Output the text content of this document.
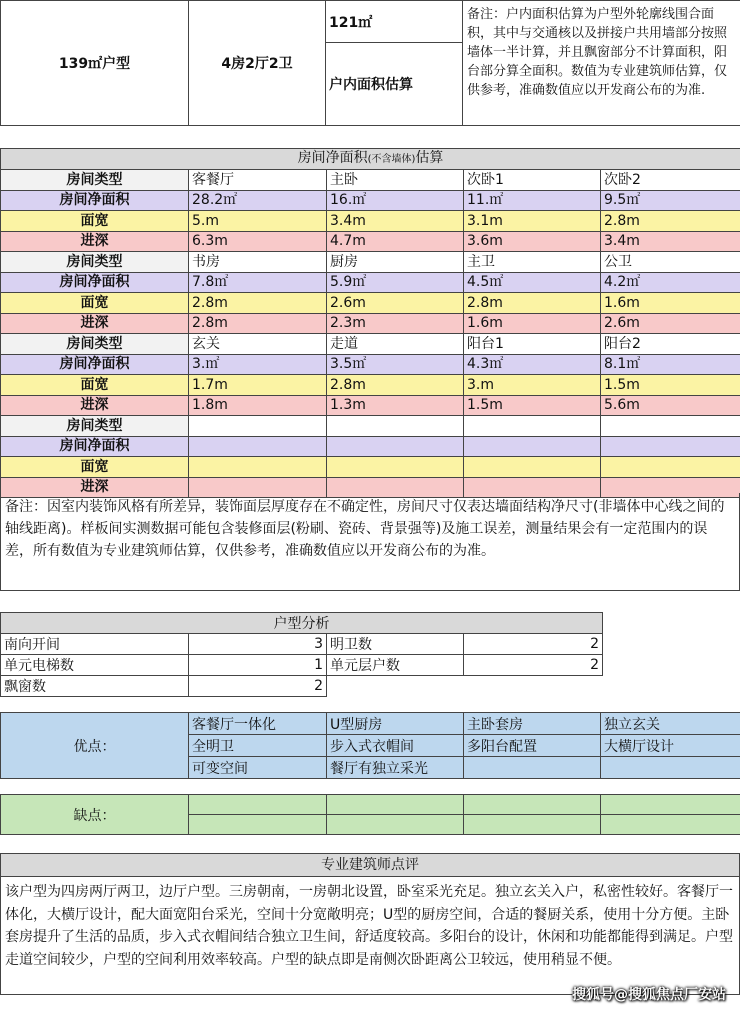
139㎡户型	4房2厅2卫	121㎡	备注：户内面积估算为户型外轮廓线围合面积，其中与交通核以及拼接户共用墙部分按照墙体一半计算，并且飘窗部分不计算面积，阳台部分算全面积。数值为专业建筑师估算，仅供参考，准确数值应以开发商公布的为准.
户内面积估算
房间净面积(不含墙体)估算				
房间类型	客餐厅	主卧	次卧1	次卧2
房间净面积	28.2㎡	16.㎡	11.㎡	9.5㎡
面宽	5.m	3.4m	3.1m	2.8m
进深	6.3m	4.7m	3.6m	3.4m
房间类型	书房	厨房	主卫	公卫
房间净面积	7.8㎡	5.9㎡	4.5㎡	4.2㎡
面宽	2.8m	2.6m	2.8m	1.6m
进深	2.8m	2.3m	1.6m	2.6m
房间类型	玄关	走道	阳台1	阳台2
房间净面积	3.㎡	3.5㎡	4.3㎡	8.1㎡
面宽	1.7m	2.8m	3.m	1.5m
进深	1.8m	1.3m	1.5m	5.6m
房间类型				
房间净面积				
面宽				
进深				
备注：因室内装饰风格有所差异，装饰面层厚度存在不确定性，房间尺寸仅表达墙面结构净尺寸(非墙体中心线之间的轴线距离)。样板间实测数据可能包含装修面层(粉刷、瓷砖、背景强等)及施工误差，测量结果会有一定范围内的误差，所有数值为专业建筑师估算，仅供参考，准确数值应以开发商公布的为准。
户型分析			
南向开间	3	明卫数	2
单元电梯数	1	单元层户数	2
飘窗数	2		
优点：	客餐厅一体化	U型厨房	主卧套房	独立玄关
	全明卫	步入式衣帽间	多阳台配置	大横厅设计
	可变空间	餐厅有独立采光		
缺点：				

专业建筑师点评
该户型为四房两厅两卫，边厅户型。三房朝南，一房朝北设置，卧室采光充足。独立玄关入户，私密性较好。客餐厅一体化，大横厅设计，配大面宽阳台采光，空间十分宽敞明亮；U型的厨房空间，合适的餐厨关系，使用十分方便。主卧套房提升了生活的品质，步入式衣帽间结合独立卫生间，舒适度较高。多阳台的设计，休闲和功能都能得到满足。户型走道空间较少，户型的空间利用效率较高。户型的缺点即是南侧次卧距离公卫较远，使用稍显不便。
搜狐号@搜狐焦点厂安站
